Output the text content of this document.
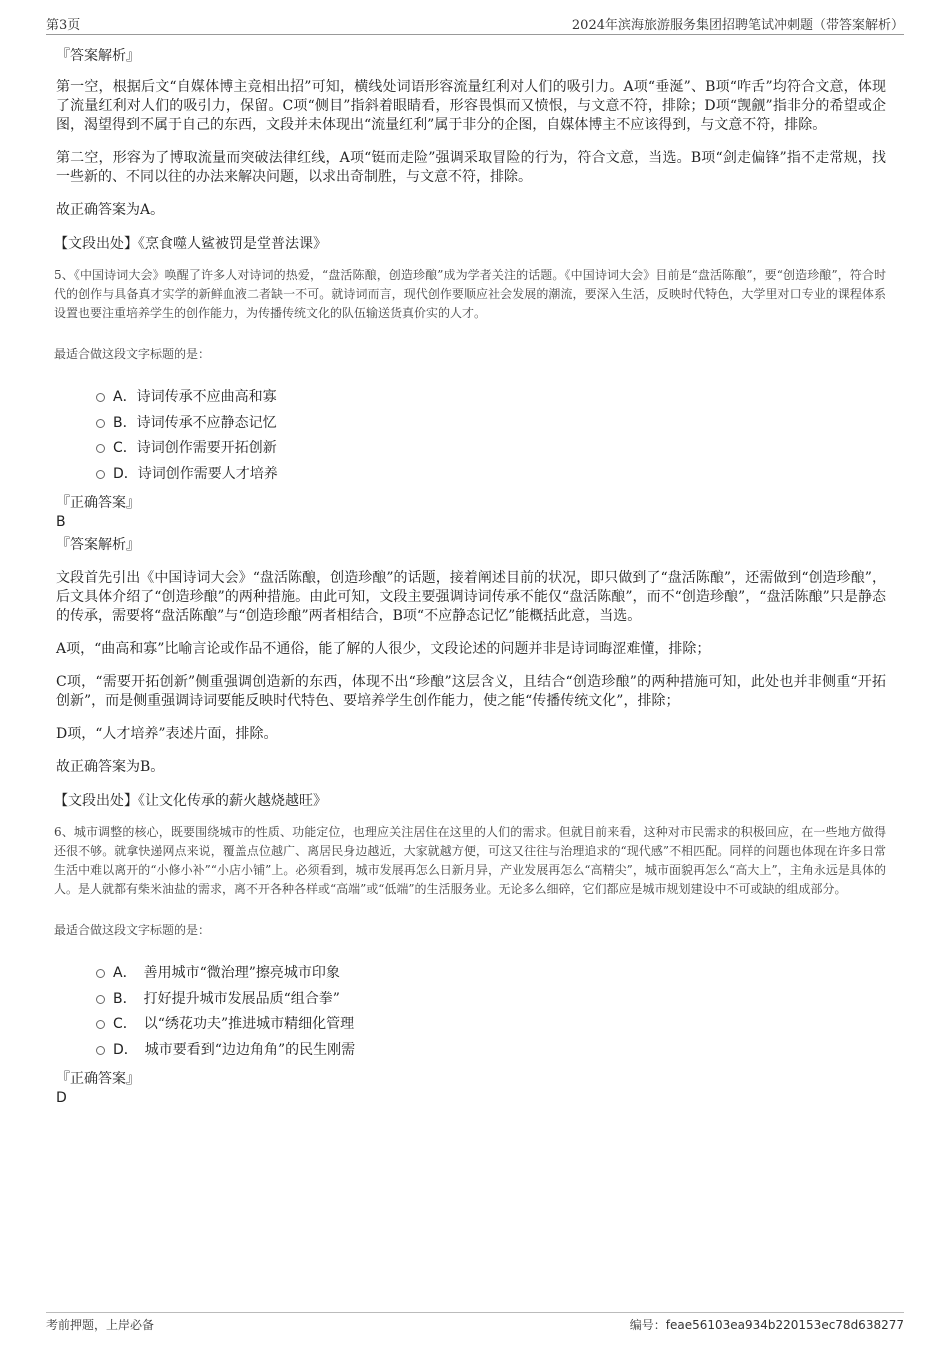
第3页	2024年滨海旅游服务集团招聘笔试冲刺题（带答案解析）
『答案解析』
第一空，根据后文“自媒体博主竞相出招”可知，横线处词语形容流量红利对人们的吸引力。A项“垂涎”、B项“咋舌”均符合文意，体现了流量红利对人们的吸引力，保留。C项“侧目”指斜着眼睛看，形容畏惧而又愤恨，与文意不符，排除；D项“觊觎”指非分的希望或企图，渴望得到不属于自己的东西，文段并未体现出“流量红利”属于非分的企图，自媒体博主不应该得到，与文意不符，排除。
第二空，形容为了博取流量而突破法律红线，A项“铤而走险”强调采取冒险的行为，符合文意，当选。B项“剑走偏锋”指不走常规，找一些新的、不同以往的办法来解决问题，以求出奇制胜，与文意不符，排除。
故正确答案为A。
【文段出处】《烹食噬人鲨被罚是堂普法课》
5、《中国诗词大会》唤醒了许多人对诗词的热爱，“盘活陈酿，创造珍酿”成为学者关注的话题。《中国诗词大会》目前是“盘活陈酿”，要“创造珍酿”，符合时代的创作与具备真才实学的新鲜血液二者缺一不可。就诗词而言，现代创作要顺应社会发展的潮流，要深入生活，反映时代特色，大学里对口专业的课程体系设置也要注重培养学生的创作能力，为传播传统文化的队伍输送货真价实的人才。
最适合做这段文字标题的是：
A ．诗词传承不应曲高和寡
B ．诗词传承不应静态记忆
C ．诗词创作需要开拓创新
D ．诗词创作需要人才培养
『正确答案』
B
『答案解析』
文段首先引出《中国诗词大会》“盘活陈酿，创造珍酿”的话题，接着阐述目前的状况，即只做到了“盘活陈酿”，还需做到“创造珍酿”，后文具体介绍了“创造珍酿”的两种措施。由此可知，文段主要强调诗词传承不能仅“盘活陈酿”，而不“创造珍酿”，“盘活陈酿”只是静态的传承，需要将“盘活陈酿”与“创造珍酿”两者相结合，B项“不应静态记忆”能概括此意，当选。
A项，“曲高和寡”比喻言论或作品不通俗，能了解的人很少，文段论述的问题并非是诗词晦涩难懂，排除；
C项，“需要开拓创新”侧重强调创造新的东西，体现不出“珍酿”这层含义，且结合“创造珍酿”的两种措施可知，此处也并非侧重“开拓创新”，而是侧重强调诗词要能反映时代特色、要培养学生创作能力，使之能“传播传统文化”，排除；
D项，“人才培养”表述片面，排除。
故正确答案为B。
【文段出处】《让文化传承的薪火越烧越旺》
6、城市调整的核心，既要围绕城市的性质、功能定位，也理应关注居住在这里的人们的需求。但就目前来看，这种对市民需求的积极回应，在一些地方做得还很不够。就拿快递网点来说，覆盖点位越广、离居民身边越近，大家就越方便，可这又往往与治理追求的“现代感”不相匹配。同样的问题也体现在许多日常生活中难以离开的“小修小补”“小店小铺”上。必须看到，城市发展再怎么日新月异，产业发展再怎么“高精尖”，城市面貌再怎么“高大上”，主角永远是具体的人。是人就都有柴米油盐的需求，离不开各种各样或“高端”或“低端”的生活服务业。无论多么细碎，它们都应是城市规划建设中不可或缺的组成部分。
最适合做这段文字标题的是：
A ．　善用城市“微治理”擦亮城市印象
B ．　打好提升城市发展品质“组合拳”
C ．　以“绣花功夫”推进城市精细化管理
D ．　城市要看到“边边角角”的民生刚需
『正确答案』
D
考前押题，上岸必备	编号：feae56103ea934b220153ec78d638277
